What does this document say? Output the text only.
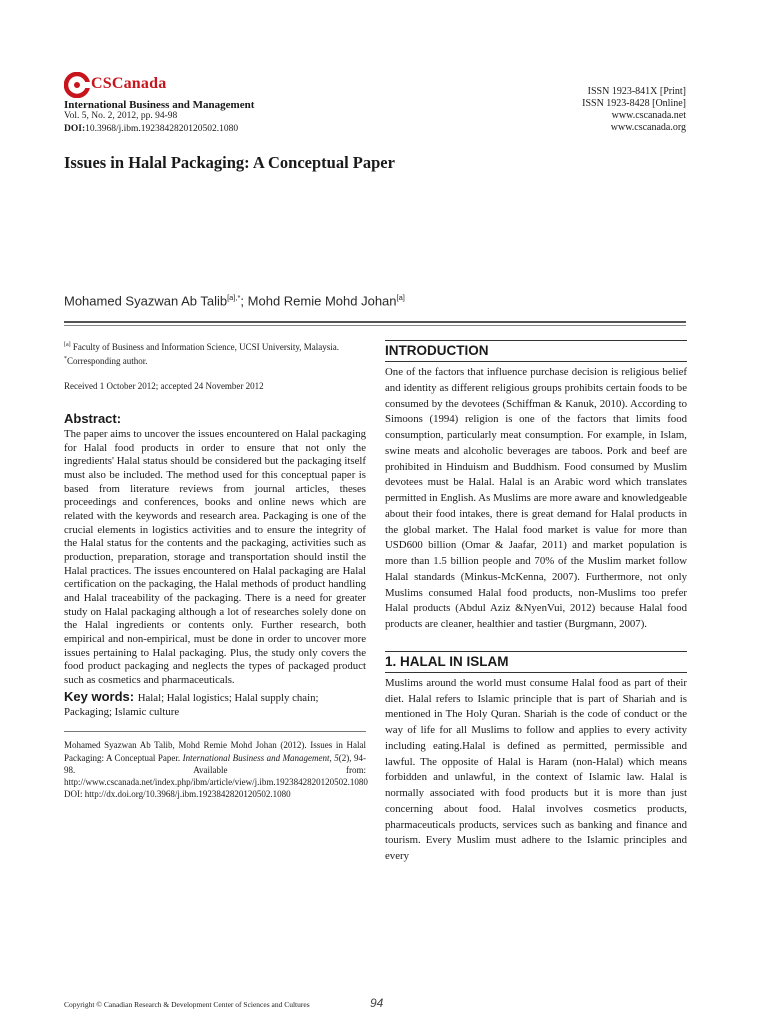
CSCanada
International Business and Management
Vol. 5, No. 2, 2012, pp. 94-98
DOI:10.3968/j.ibm.1923842820120502.1080
ISSN 1923-841X [Print]
ISSN 1923-8428 [Online]
www.cscanada.net
www.cscanada.org
Issues in Halal Packaging: A Conceptual Paper
Mohamed Syazwan Ab Talib$^{[a],*}$; Mohd Remie Mohd Johan[a]
[a] Faculty of Business and Information Science, UCSI University, Malaysia.
*Corresponding author.
Received 1 October 2012; accepted 24 November 2012
Abstract:
The paper aims to uncover the issues encountered on Halal packaging for Halal food products in order to ensure that not only the ingredients' Halal status should be considered but the packaging itself must also be included. The method used for this conceptual paper is based from literature reviews from journal articles, theses proceedings and conferences, books and online news which are related with the keywords and research area. Packaging is one of the crucial elements in logistics activities and to ensure the integrity of the Halal status for the contents and the packaging, activities such as production, preparation, storage and transportation should instil the Halal practices. The issues encountered on Halal packaging are Halal certification on the packaging, the Halal methods of product handling and Halal traceability of the packaging. There is a need for greater study on Halal packaging although a lot of researches solely done on the Halal ingredients or contents only. Further research, both empirical and non-empirical, must be done in order to uncover more issues pertaining to Halal packaging. Plus, the study only covers the food product packaging and neglects the types of packaged product such as cosmetics and pharmaceuticals.
Key words: Halal; Halal logistics; Halal supply chain; Packaging; Islamic culture
Mohamed Syazwan Ab Talib, Mohd Remie Mohd Johan (2012). Issues in Halal Packaging: A Conceptual Paper. International Business and Management, 5(2), 94-98. Available from: http://www.cscanada.net/index.php/ibm/article/view/j.ibm.1923842820120502.1080 DOI: http://dx.doi.org/10.3968/j.ibm.1923842820120502.1080
INTRODUCTION
One of the factors that influence purchase decision is religious belief and identity as different religious groups prohibits certain foods to be consumed by the devotees (Schiffman & Kanuk, 2010). According to Simoons (1994) religion is one of the factors that limits food consumption, particularly meat consumption. For example, in Islam, swine meats and alcoholic beverages are taboos. Pork and beef are prohibited in Hinduism and Buddhism. Food consumed by Muslim devotees must be Halal. Halal is an Arabic word which translates permitted in English. As Muslims are more aware and knowledgeable about their food intakes, there is great demand for Halal products in the global market. The Halal food market is value for more than USD600 billion (Omar & Jaafar, 2011) and market population is more than 1.5 billion people and 70% of the Muslim market follow Halal standards (Minkus-McKenna, 2007). Furthermore, not only Muslims consumed Halal food products, non-Muslims too prefer Halal products (Abdul Aziz &NyenVui, 2012) because Halal food products are cleaner, healthier and tastier (Burgmann, 2007).
1. HALAL IN ISLAM
Muslims around the world must consume Halal food as part of their diet. Halal refers to Islamic principle that is part of Shariah and is mentioned in The Holy Quran. Shariah is the code of conduct or the way of life for all Muslims to follow and applies to every activity including eating.Halal is defined as permitted, permissible and lawful. The opposite of Halal is Haram (non-Halal) which means forbidden and unlawful, in the context of Islamic law. Halal is normally associated with food products but it is more than just concerning about food. Halal involves cosmetics products, pharmaceuticals products, services such as banking and finance and tourism. Every Muslim must adhere to the Islamic principles and every
Copyright © Canadian Research & Development Center of Sciences and Cultures	94
